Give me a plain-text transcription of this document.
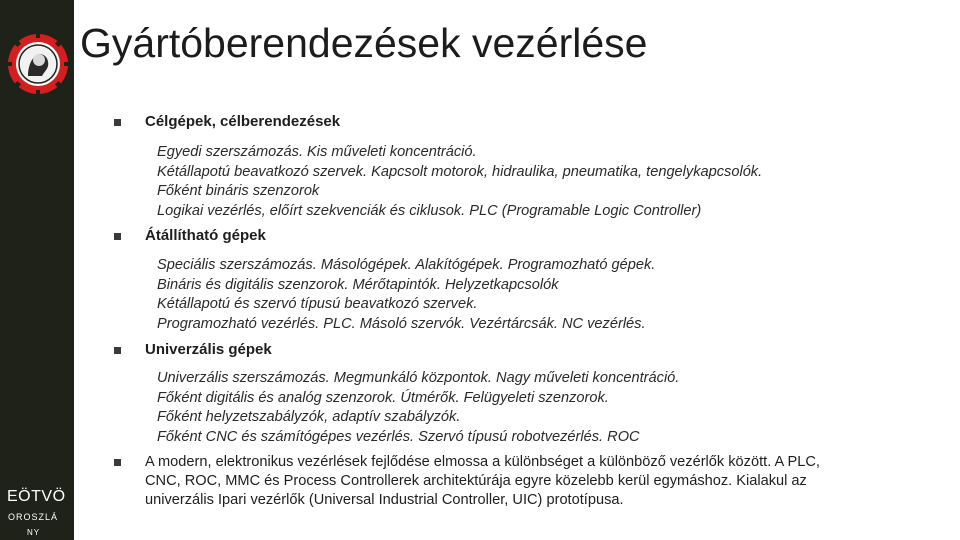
EÖTVÖ
OROSZLÁ
NY
Gyártóberendezések vezérlése
Célgépek, célberendezések
Egyedi szerszámozás. Kis műveleti koncentráció.
Kétállapotú beavatkozó szervek. Kapcsolt motorok, hidraulika, pneumatika, tengelykapcsolók.
Főként bináris szenzorok
Logikai vezérlés, előírt szekvenciák és ciklusok. PLC (Programable Logic Controller)
Átállítható gépek
Speciális szerszámozás. Másológépek. Alakítógépek. Programozható gépek.
Bináris és digitális szenzorok. Mérőtapintók. Helyzetkapcsolók
Kétállapotú és szervó típusú beavatkozó szervek.
Programozható vezérlés. PLC. Másoló szervók. Vezértárcsák. NC vezérlés.
Univerzális gépek
Univerzális szerszámozás. Megmunkáló központok. Nagy műveleti koncentráció.
Főként digitális és analóg szenzorok. Útmérők. Felügyeleti szenzorok.
Főként helyzetszabályzók, adaptív szabályzók.
Főként CNC és számítógépes vezérlés. Szervó típusú robotvezérlés. ROC
A modern, elektronikus vezérlések fejlődése elmossa a különbséget a különböző vezérlők között. A PLC, CNC, ROC, MMC és Process Controllerek architektúrája egyre közelebb kerül egymáshoz. Kialakul az univerzális Ipari vezérlők (Universal Industrial Controller, UIC) prototípusa.
